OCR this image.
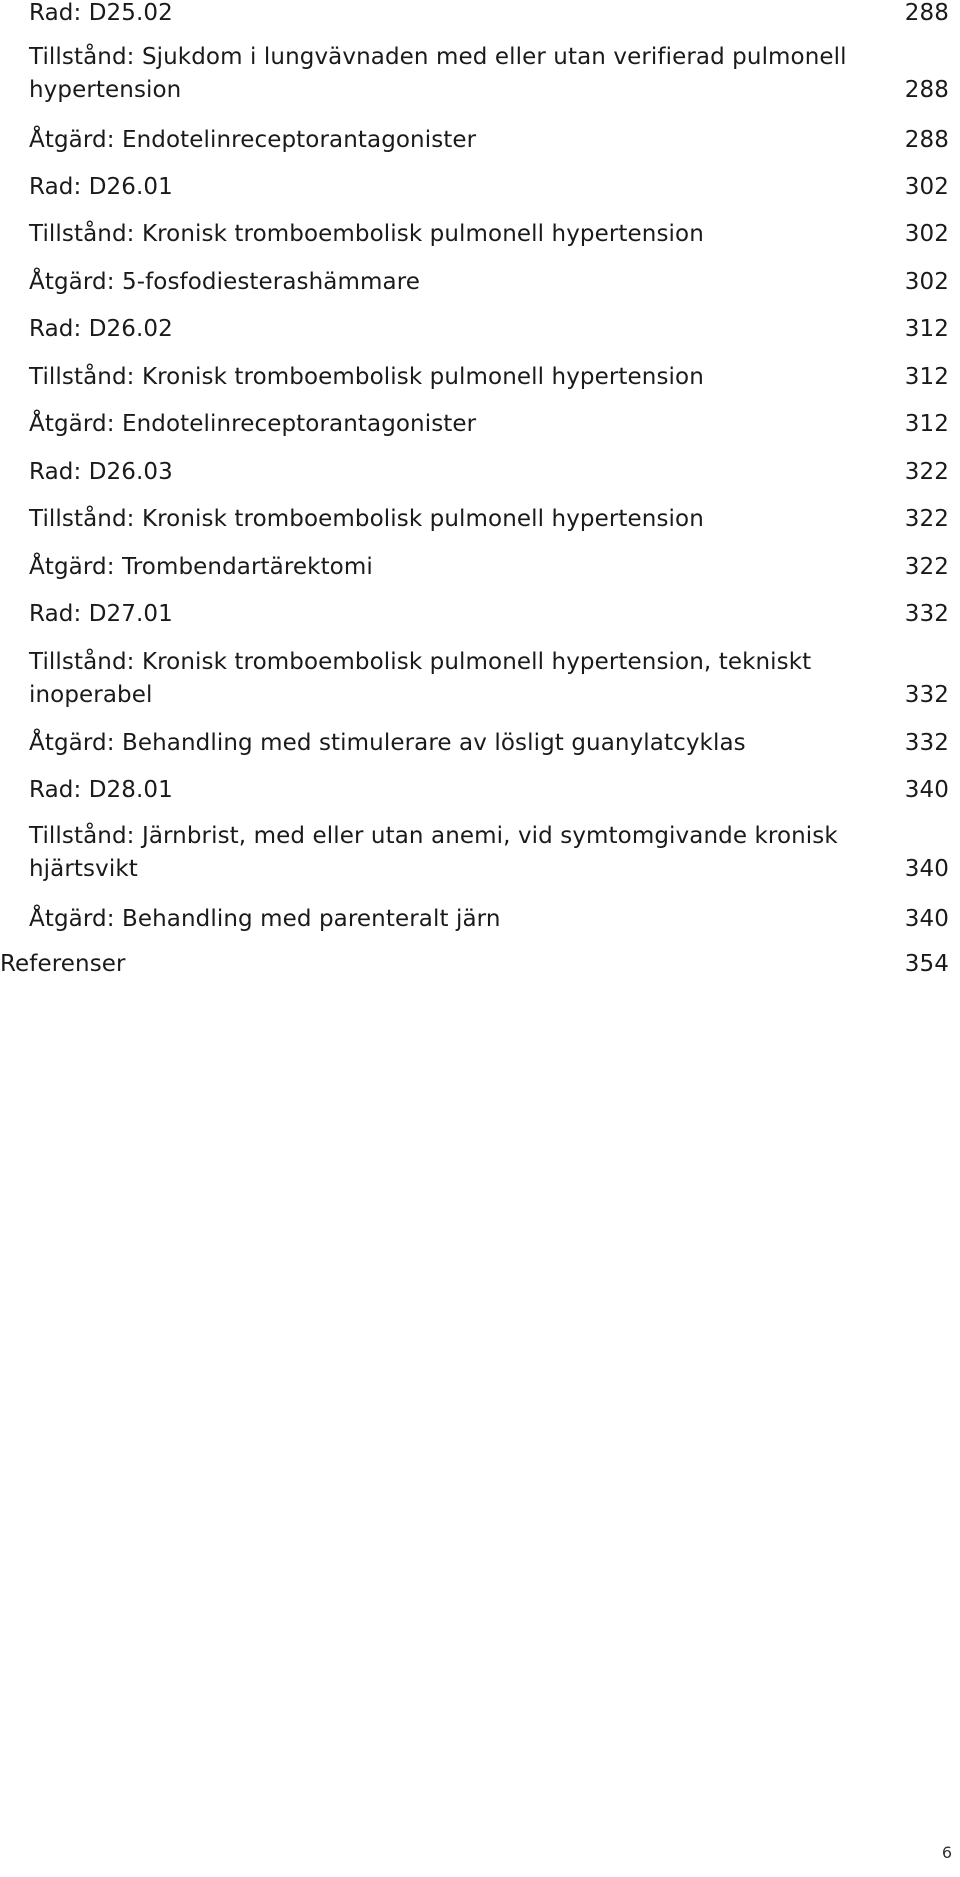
Rad: D25.02	288
Tillstånd: Sjukdom i lungvävnaden med eller utan verifierad pulmonell
hypertension	288
Åtgärd: Endotelinreceptorantagonister	288
Rad: D26.01	302
Tillstånd: Kronisk tromboembolisk pulmonell hypertension	302
Åtgärd: 5-fosfodiesterashämmare	302
Rad: D26.02	312
Tillstånd: Kronisk tromboembolisk pulmonell hypertension	312
Åtgärd: Endotelinreceptorantagonister	312
Rad: D26.03	322
Tillstånd: Kronisk tromboembolisk pulmonell hypertension	322
Åtgärd: Trombendartärektomi	322
Rad: D27.01	332
Tillstånd: Kronisk tromboembolisk pulmonell hypertension, tekniskt
inoperabel	332
Åtgärd: Behandling med stimulerare av lösligt guanylatcyklas	332
Rad: D28.01	340
Tillstånd: Järnbrist, med eller utan anemi, vid symtomgivande kronisk
hjärtsvikt	340
Åtgärd: Behandling med parenteralt järn	340
Referenser	354
6
